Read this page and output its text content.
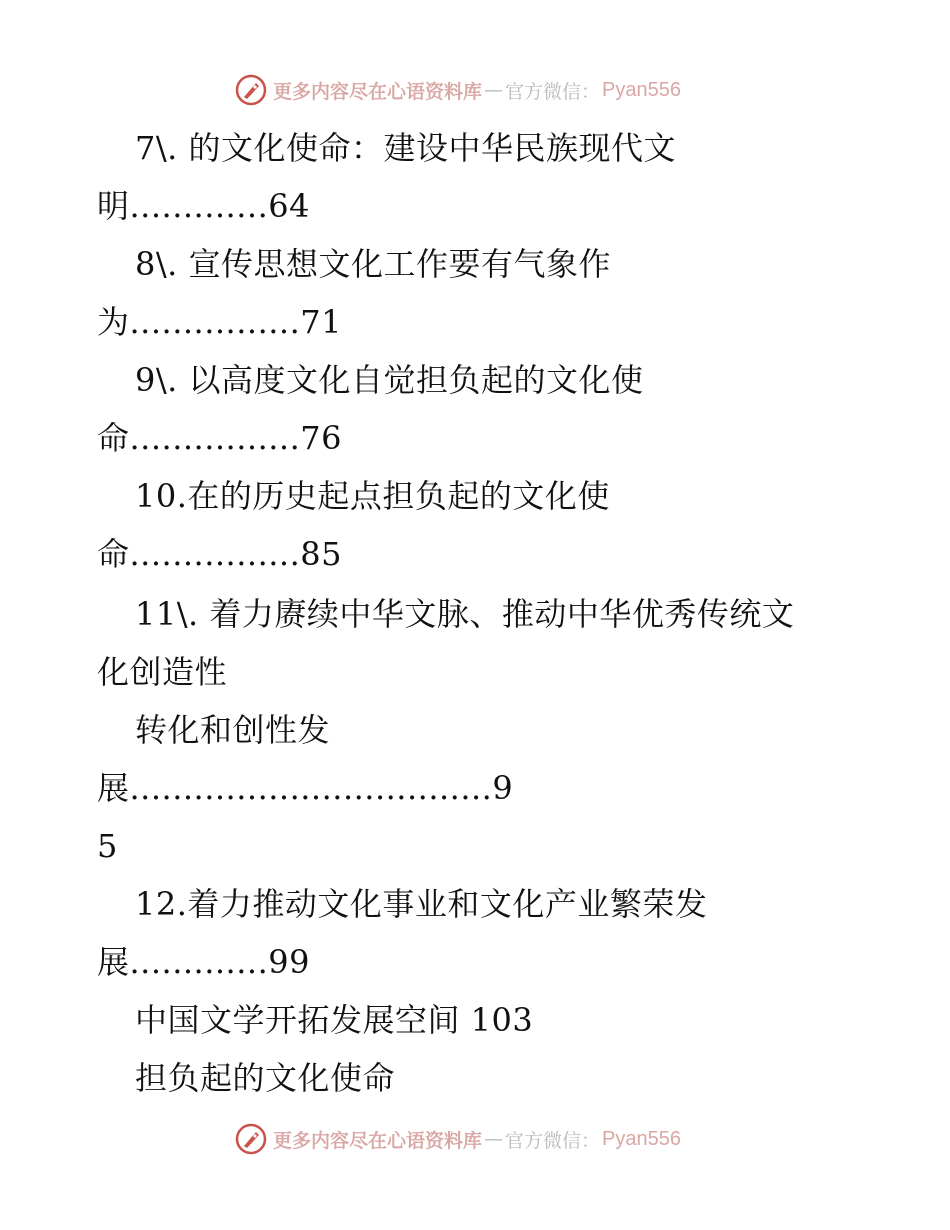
更多内容尽在心语资料库 — 官方微信： Pyan556
7\. 的文化使命：建设中华民族现代文
明.............64
8\. 宣传思想文化工作要有气象作
为................71
9\. 以高度文化自觉担负起的文化使
命................76
10.在的历史起点担负起的文化使
命................85
11\. 着力赓续中华文脉、推动中华优秀传统文
化创造性
转化和创性发
展..................................9
5
12.着力推动文化事业和文化产业繁荣发
展.............99
中国文学开拓发展空间 103
担负起的文化使命
更多内容尽在心语资料库 — 官方微信： Pyan556
